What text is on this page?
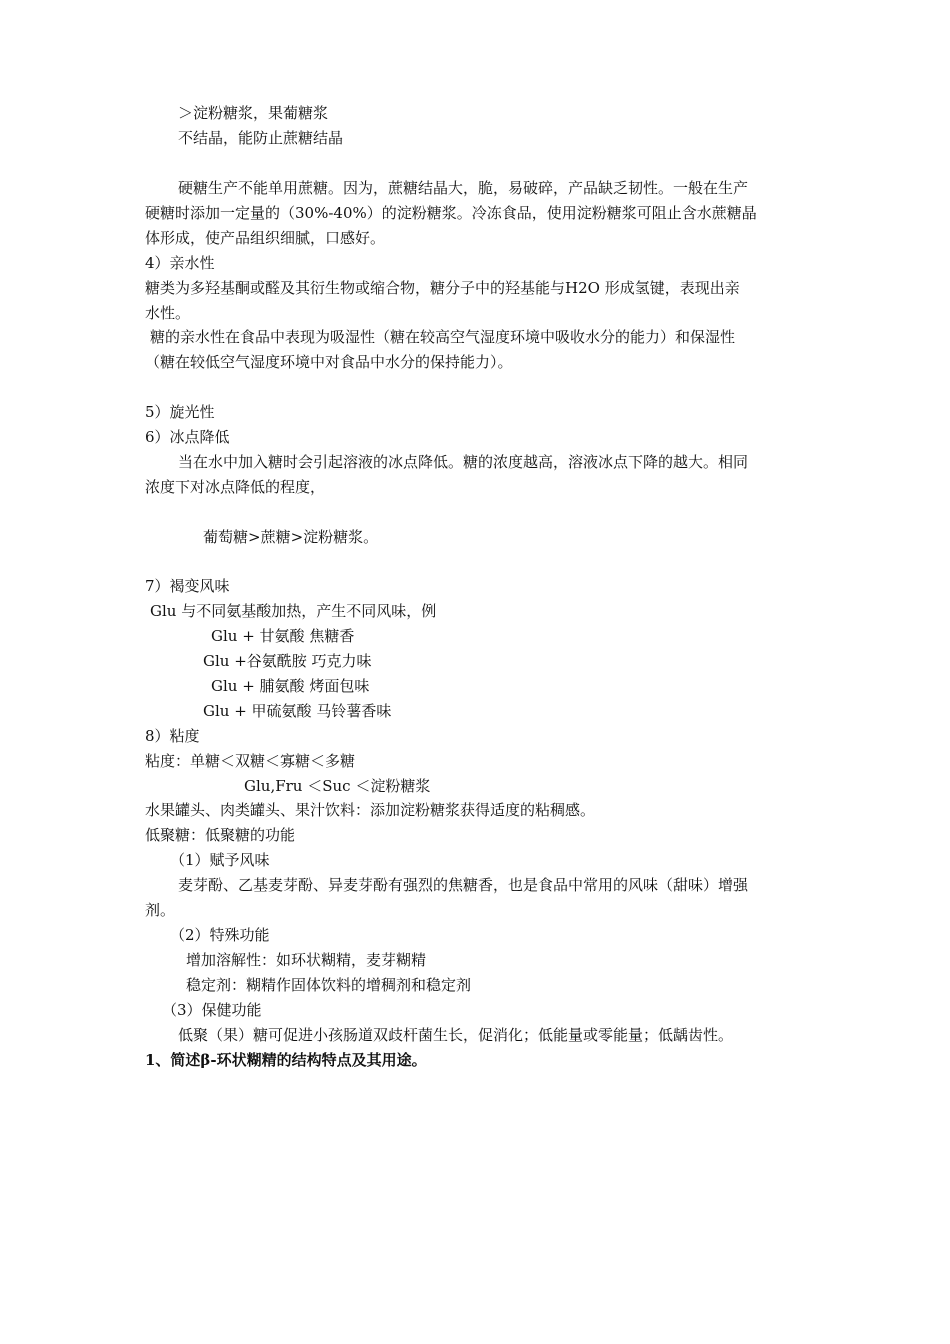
＞淀粉糖浆，果葡糖浆
不结晶，能防止蔗糖结晶
硬糖生产不能单用蔗糖。因为，蔗糖结晶大，脆，易破碎，产品缺乏韧性。一般在生产
硬糖时添加一定量的（30%-40%）的淀粉糖浆。冷冻食品，使用淀粉糖浆可阻止含水蔗糖晶
体形成，使产品组织细腻，口感好。
4）亲水性
糖类为多羟基酮或醛及其衍生物或缩合物，糖分子中的羟基能与H2O 形成氢键，表现出亲
水性。
糖的亲水性在食品中表现为吸湿性（糖在较高空气湿度环境中吸收水分的能力）和保湿性
（糖在较低空气湿度环境中对食品中水分的保持能力）。
5）旋光性
6）冰点降低
当在水中加入糖时会引起溶液的冰点降低。糖的浓度越高，溶液冰点下降的越大。相同
浓度下对冰点降低的程度，
葡萄糖>蔗糖>淀粉糖浆。
7）褐变风味
Glu 与不同氨基酸加热，产生不同风味，例
Glu + 甘氨酸 焦糖香
Glu +谷氨酰胺 巧克力味
Glu + 脯氨酸 烤面包味
Glu + 甲硫氨酸 马铃薯香味
8）粘度
粘度：单糖＜双糖＜寡糖＜多糖
Glu,Fru ＜Suc ＜淀粉糖浆
水果罐头、肉类罐头、果汁饮料：添加淀粉糖浆获得适度的粘稠感。
低聚糖：低聚糖的功能
（1）赋予风味
麦芽酚、乙基麦芽酚、异麦芽酚有强烈的焦糖香，也是食品中常用的风味（甜味）增强
剂。
（2）特殊功能
增加溶解性：如环状糊精，麦芽糊精
稳定剂：糊精作固体饮料的增稠剂和稳定剂
（3）保健功能
低聚（果）糖可促进小孩肠道双歧杆菌生长，促消化；低能量或零能量；低龋齿性。
1、简述β-环状糊精的结构特点及其用途。
